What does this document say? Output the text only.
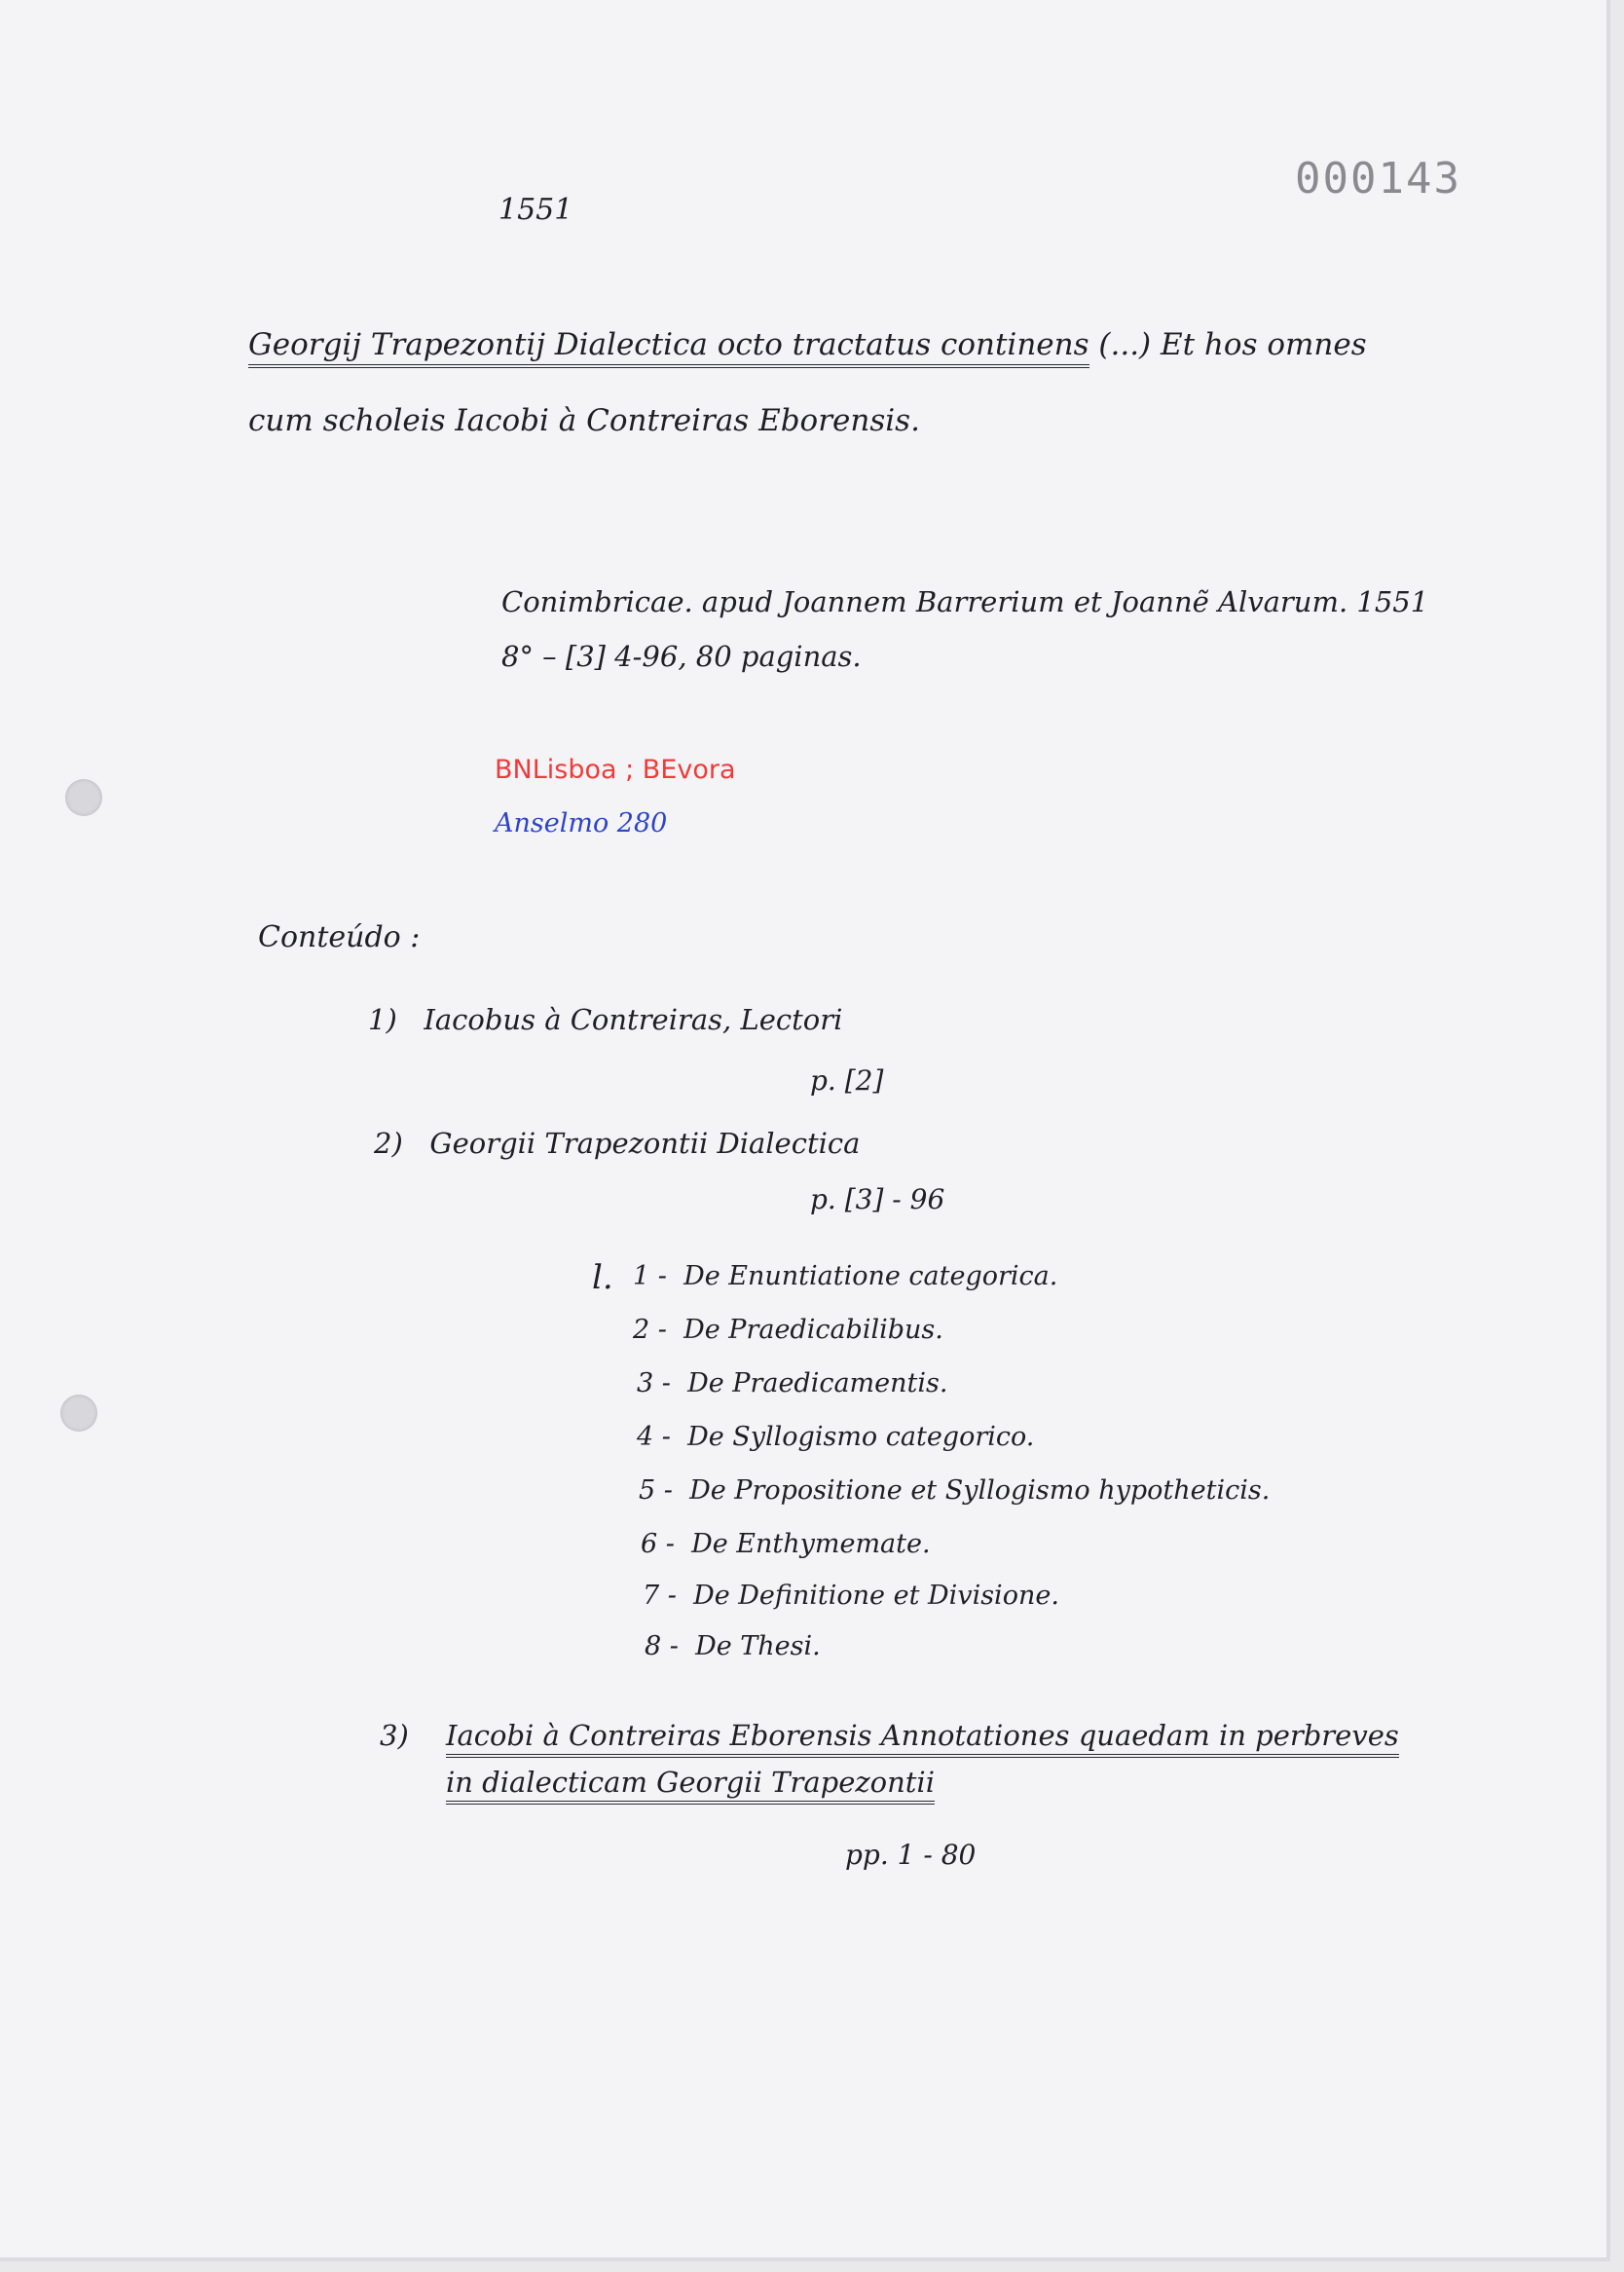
000143
1551
Georgij Trapezontij Dialectica octo tractatus continens (...) Et hos omnes
cum scholeis Iacobi à Contreiras Eborensis.
Conimbricae. apud Joannem Barrerium et Joannẽ Alvarum. 1551
8° – [3] 4-96, 80 paginas.
BNLisboa ; BEvora
Anselmo 280
Conteúdo :
1) Iacobus à Contreiras, Lectori
p. [2]
2) Georgii Trapezontii Dialectica
p. [3] - 96
l. 1 - De Enuntiatione categorica.
2 - De Praedicabilibus.
3 - De Praedicamentis.
4 - De Syllogismo categorico.
5 - De Propositione et Syllogismo hypotheticis.
6 - De Enthymemate.
7 - De Definitione et Divisione.
8 - De Thesi.
3) Iacobi à Contreiras Eborensis Annotationes quaedam in perbreves
in dialecticam Georgii Trapezontii
pp. 1 - 80
